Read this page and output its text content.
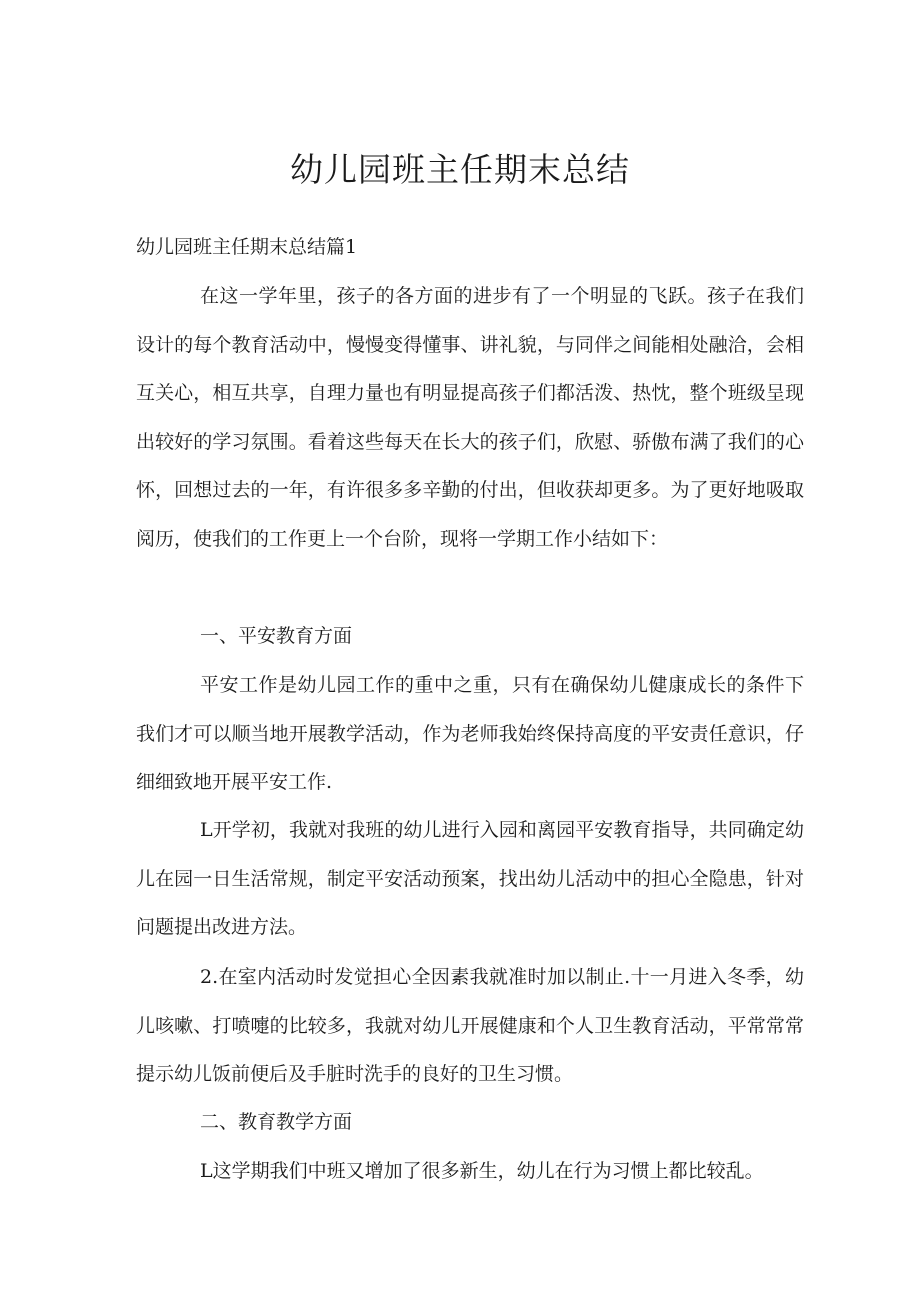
幼儿园班主任期末总结

幼儿园班主任期末总结篇1

在这一学年里，孩子的各方面的进步有了一个明显的飞跃。孩子在我们设计的每个教育活动中，慢慢变得懂事、讲礼貌，与同伴之间能相处融洽，会相互关心，相互共享，自理力量也有明显提高孩子们都活泼、热忱，整个班级呈现出较好的学习氛围。看着这些每天在长大的孩子们，欣慰、骄傲布满了我们的心怀，回想过去的一年，有许很多多辛勤的付出，但收获却更多。为了更好地吸取阅历，使我们的工作更上一个台阶，现将一学期工作小结如下：

一、平安教育方面

平安工作是幼儿园工作的重中之重，只有在确保幼儿健康成长的条件下我们才可以顺当地开展教学活动，作为老师我始终保持高度的平安责任意识，仔细细致地开展平安工作.

L开学初，我就对我班的幼儿进行入园和离园平安教育指导，共同确定幼儿在园一日生活常规，制定平安活动预案，找出幼儿活动中的担心全隐患，针对问题提出改进方法。

2.在室内活动时发觉担心全因素我就准时加以制止.十一月进入冬季，幼儿咳嗽、打喷嚏的比较多，我就对幼儿开展健康和个人卫生教育活动，平常常常提示幼儿饭前便后及手脏时洗手的良好的卫生习惯。

二、教育教学方面

L这学期我们中班又增加了很多新生，幼儿在行为习惯上都比较乱。
